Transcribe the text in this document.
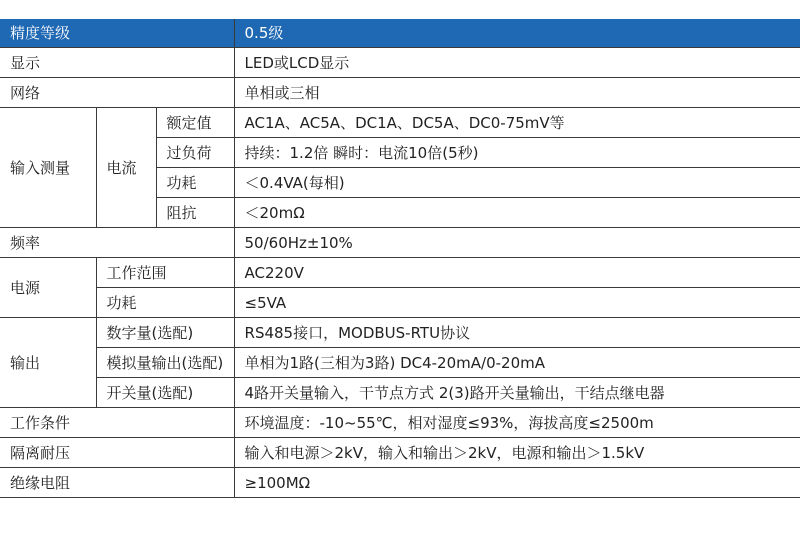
精度等级			0.5级
显示			LED或LCD显示
网络			单相或三相
输入测量	电流	额定值	AC1A、AC5A、DC1A、DC5A、DC0-75mV等
		过负荷	持续：1.2倍 瞬时：电流10倍(5秒)
		功耗	＜0.4VA(每相)
		阻抗	＜20mΩ
频率			50/60Hz±10%
电源	工作范围		AC220V
	功耗		≤5VA
输出	数字量(选配)		RS485接口，MODBUS-RTU协议
	模拟量输出(选配)		单相为1路(三相为3路) DC4-20mA/0-20mA
	开关量(选配)		4路开关量输入，干节点方式 2(3)路开关量输出，干结点继电器
工作条件			环境温度：-10~55℃，相对湿度≤93%，海拔高度≤2500m
隔离耐压			输入和电源＞2kV，输入和输出＞2kV，电源和输出＞1.5kV
绝缘电阻			≥100MΩ
